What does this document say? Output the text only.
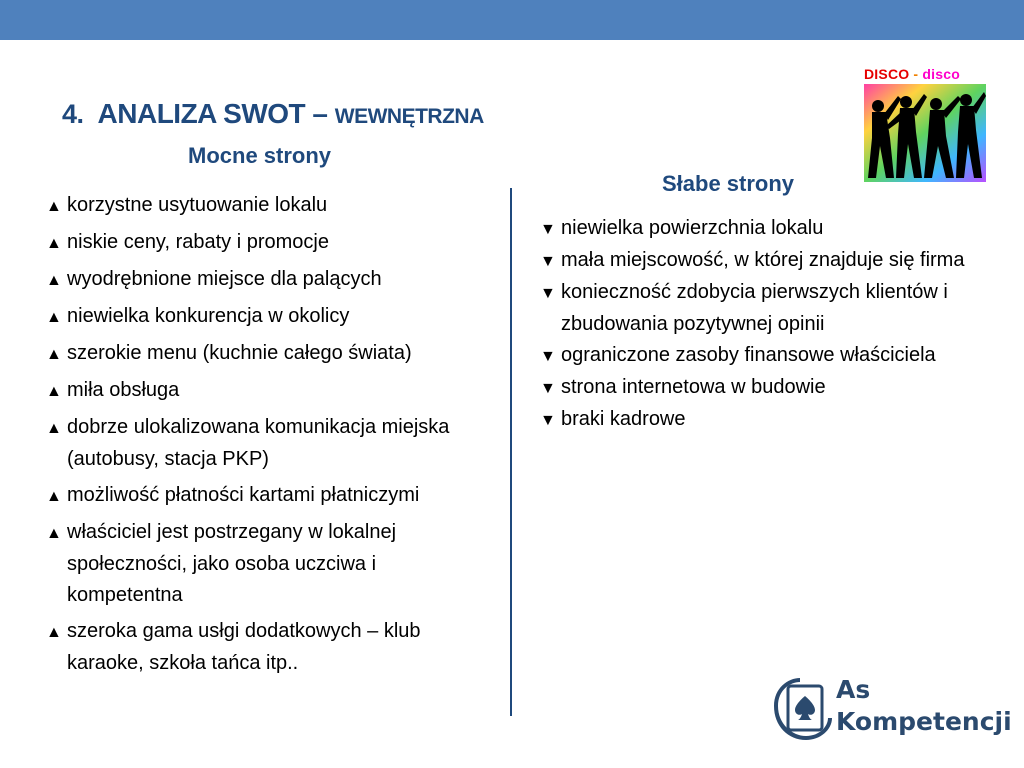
4. ANALIZA SWOT – WEWNĘTRZNA
Mocne strony
Słabe strony
▲ korzystne usytuowanie lokalu
▲ niskie ceny, rabaty i promocje
▲ wyodrębnione miejsce dla palących
▲ niewielka konkurencja w okolicy
▲ szerokie menu (kuchnie całego świata)
▲ miła obsługa
▲ dobrze ulokalizowana komunikacja miejska (autobusy, stacja PKP)
▲ możliwość płatności kartami płatniczymi
▲ właściciel jest postrzegany w lokalnej społeczności, jako osoba uczciwa i kompetentna
▲ szeroka gama usłgi dodatkowych – klub karaoke, szkoła tańca itp..
▼ niewielka powierzchnia lokalu
▼ mała miejscowość, w której znajduje się firma
▼ konieczność zdobycia pierwszych klientów i zbudowania pozytywnej opinii
▼ ograniczone zasoby finansowe właściciela
▼ strona internetowa w budowie
▼ braki kadrowe
DISCO - disco
As
Kompetencji
